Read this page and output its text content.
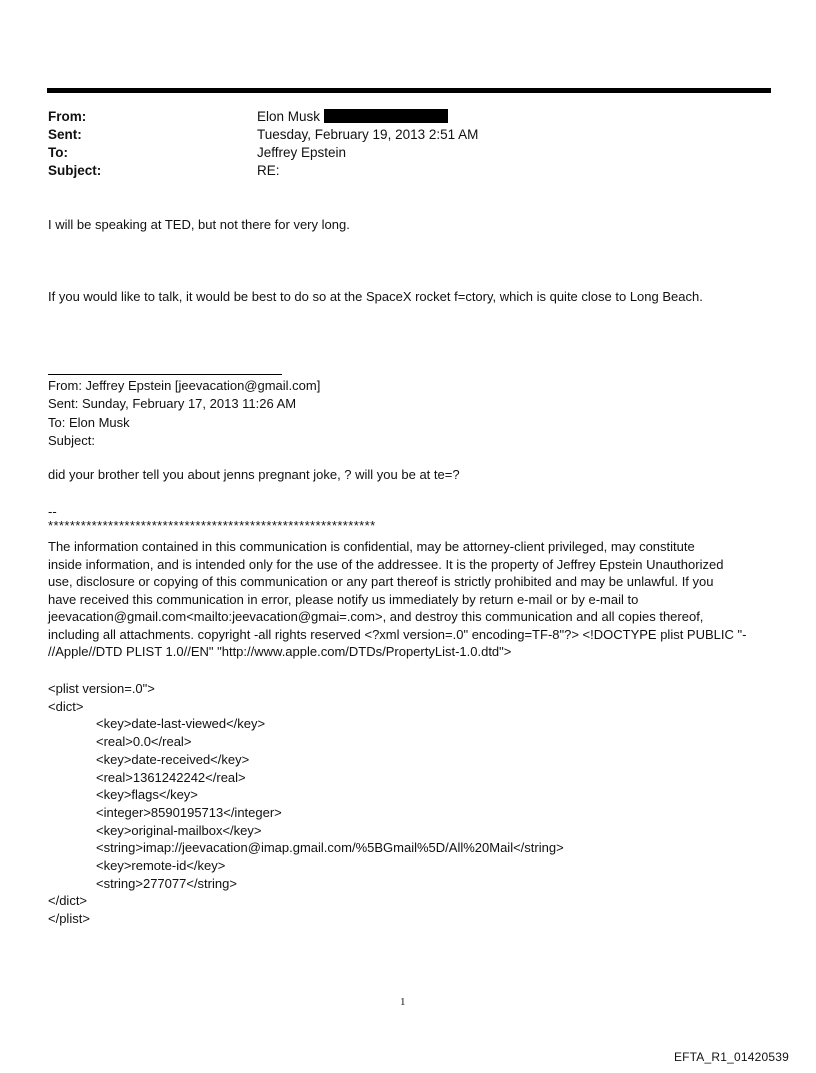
From:	Elon Musk
Sent:	Tuesday, February 19, 2013 2:51 AM
To:	Jeffrey Epstein
Subject:	RE:
I will be speaking at TED, but not there for very long.
If you would like to talk, it would be best to do so at the SpaceX rocket f=ctory, which is quite close to Long Beach.
From: Jeffrey Epstein [jeevacation@gmail.com]
Sent: Sunday, February 17, 2013 11:26 AM
To: Elon Musk
Subject:
did your brother tell you about jenns pregnant joke, ? will you be at te=?
--
************************************************************
The information contained in this communication is confidential, may be attorney-client privileged, may constitute
inside information, and is intended only for the use of the addressee. It is the property of Jeffrey Epstein Unauthorized
use, disclosure or copying of this communication or any part thereof is strictly prohibited and may be unlawful. If you
have received this communication in error, please notify us immediately by return e-mail or by e-mail to
jeevacation@gmail.com<mailto:jeevacation@gmai=.com>, and destroy this communication and all copies thereof,
including all attachments. copyright -all rights reserved <?xml version=.0" encoding=TF-8"?> <!DOCTYPE plist PUBLIC "-
//Apple//DTD PLIST 1.0//EN" "http://www.apple.com/DTDs/PropertyList-1.0.dtd">
<plist version=.0">
<dict>
<key>date-last-viewed</key>
<real>0.0</real>
<key>date-received</key>
<real>1361242242</real>
<key>flags</key>
<integer>8590195713</integer>
<key>original-mailbox</key>
<string>imap://jeevacation@imap.gmail.com/%5BGmail%5D/All%20Mail</string>
<key>remote-id</key>
<string>277077</string>
</dict>
</plist>
1
EFTA_R1_01420539
